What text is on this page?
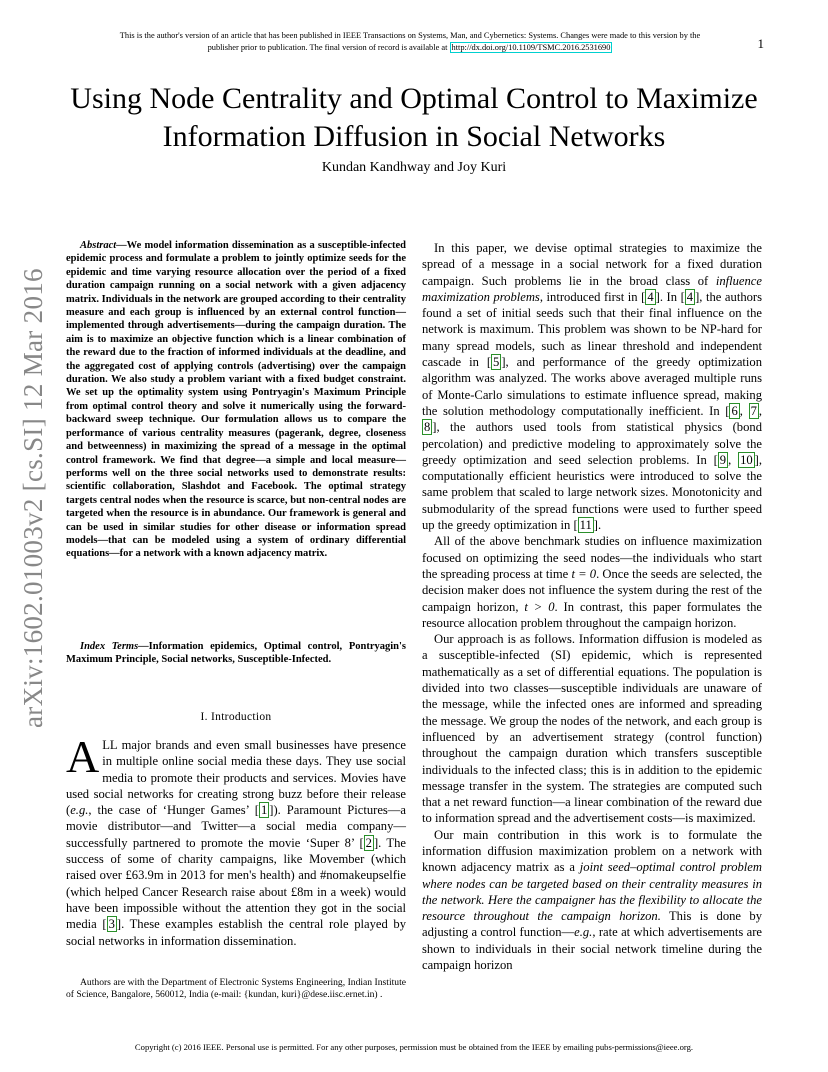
This is the author's version of an article that has been published in IEEE Transactions on Systems, Man, and Cybernetics: Systems. Changes were made to this version by the
publisher prior to publication. The final version of record is available at http://dx.doi.org/10.1109/TSMC.2016.2531690	1
Using Node Centrality and Optimal Control to Maximize Information Diffusion in Social Networks
Kundan Kandhway and Joy Kuri
arXiv:1602.01003v2 [cs.SI] 12 Mar 2016

Abstract—We model information dissemination as a susceptible-infected epidemic process and formulate a problem to jointly optimize seeds for the epidemic and time varying resource allocation over the period of a fixed duration campaign running on a social network with a given adjacency matrix. Individuals in the network are grouped according to their centrality measure and each group is influenced by an external control function—implemented through advertisements—during the campaign duration. The aim is to maximize an objective function which is a linear combination of the reward due to the fraction of informed individuals at the deadline, and the aggregated cost of applying controls (advertising) over the campaign duration. We also study a problem variant with a fixed budget constraint. We set up the optimality system using Pontryagin's Maximum Principle from optimal control theory and solve it numerically using the forward-backward sweep technique. Our formulation allows us to compare the performance of various centrality measures (pagerank, degree, closeness and betweenness) in maximizing the spread of a message in the optimal control framework. We find that degree—a simple and local measure—performs well on the three social networks used to demonstrate results: scientific collaboration, Slashdot and Facebook. The optimal strategy targets central nodes when the resource is scarce, but non-central nodes are targeted when the resource is in abundance. Our framework is general and can be used in similar studies for other disease or information spread models—that can be modeled using a system of ordinary differential equations—for a network with a known adjacency matrix.

Index Terms—Information epidemics, Optimal control, Pontryagin's Maximum Principle, Social networks, Susceptible-Infected.

I. Introduction

ALL major brands and even small businesses have presence in multiple online social media these days. They use social media to promote their products and services. Movies have used social networks for creating strong buzz before their release (e.g., the case of ‘Hunger Games’ [ 1 ]). Paramount Pictures—a movie distributor—and Twitter—a social media company—successfully partnered to promote the movie ‘Super 8’ [ 2 ]. The success of some of charity campaigns, like Movember (which raised over £63.9m in 2013 for men's health) and #nomakeupselfie (which helped Cancer Research raise about £8m in a week) would have been impossible without the attention they got in the social media [ 3 ]. These examples establish the central role played by social networks in information dissemination.

Authors are with the Department of Electronic Systems Engineering, Indian Institute of Science, Bangalore, 560012, India (e-mail: {kundan, kuri}@dese.iisc.ernet.in) .

In this paper, we devise optimal strategies to maximize the spread of a message in a social network for a fixed duration campaign. Such problems lie in the broad class of influence maximization problems, introduced first in [ 4 ]. In [ 4 ], the authors found a set of initial seeds such that their final influence on the network is maximum. This problem was shown to be NP-hard for many spread models, such as linear threshold and independent cascade in [ 5 ], and performance of the greedy optimization algorithm was analyzed. The works above averaged multiple runs of Monte-Carlo simulations to estimate influence spread, making the solution methodology computationally inefficient. In [ 6 , 7 , 8 ], the authors used tools from statistical physics (bond percolation) and predictive modeling to approximately solve the greedy optimization and seed selection problems. In [ 9 , 10 ], computationally efficient heuristics were introduced to solve the same problem that scaled to large network sizes. Monotonicity and submodularity of the spread functions were used to further speed up the greedy optimization in [ 11 ].

All of the above benchmark studies on influence maximization focused on optimizing the seed nodes—the individuals who start the spreading process at time t = 0. Once the seeds are selected, the decision maker does not influence the system during the rest of the campaign horizon, t > 0. In contrast, this paper formulates the resource allocation problem throughout the campaign horizon.

Our approach is as follows. Information diffusion is modeled as a susceptible-infected (SI) epidemic, which is represented mathematically as a set of differential equations. The population is divided into two classes—susceptible individuals are unaware of the message, while the infected ones are informed and spreading the message. We group the nodes of the network, and each group is influenced by an advertisement strategy (control function) throughout the campaign duration which transfers susceptible individuals to the infected class; this is in addition to the epidemic message transfer in the system. The strategies are computed such that a net reward function—a linear combination of the reward due to information spread and the advertisement costs—is maximized.

Our main contribution in this work is to formulate the information diffusion maximization problem on a network with known adjacency matrix as a joint seed–optimal control problem where nodes can be targeted based on their centrality measures in the network. Here the campaigner has the flexibility to allocate the resource throughout the campaign horizon. This is done by adjusting a control function—e.g., rate at which advertisements are shown to individuals in their social network timeline during the campaign horizon

Copyright (c) 2016 IEEE. Personal use is permitted. For any other purposes, permission must be obtained from the IEEE by emailing pubs-permissions@ieee.org.
